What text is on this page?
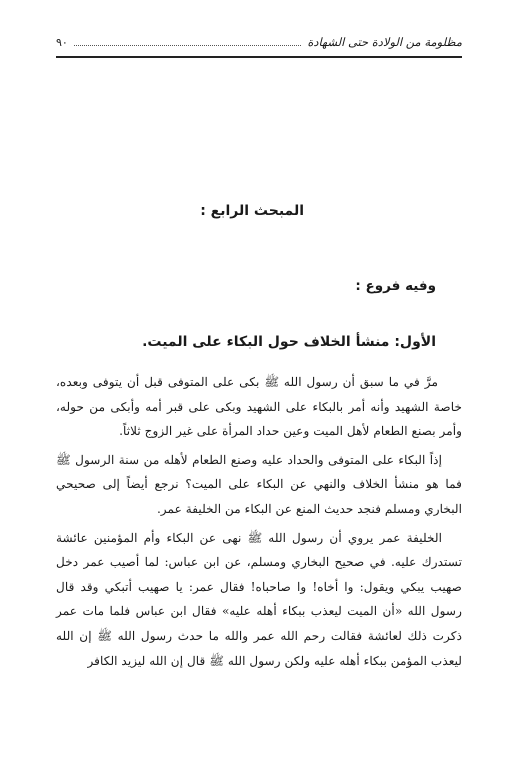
مظلومة من الولادة حتى الشهادة
٩٠
المبحث الرابع :
وفيه فروع :
الأول: منشأ الخلاف حول البكاء على الميت.

مرَّ في ما سبق أن رسول الله ﷺ بكى على المتوفى قبل أن يتوفى وبعده، خاصة الشهيد وأنه أمر بالبكاء على الشهيد وبكى على قبر أمه وأبكى من حوله، وأمر بصنع الطعام لأهل الميت وعين حداد المرأة على غير الزوج ثلاثاً.

إذاً البكاء على المتوفى والحداد عليه وصنع الطعام لأهله من سنة الرسول ﷺ فما هو منشأ الخلاف والنهي عن البكاء على الميت؟ نرجع أيضاً إلى صحيحي البخاري ومسلم فنجد حديث المنع عن البكاء من الخليفة عمر.

الخليفة عمر يروي أن رسول الله ﷺ نهى عن البكاء وأم المؤمنين عائشة تستدرك عليه. في صحيح البخاري ومسلم، عن ابن عباس: لما أصيب عمر دخل صهيب يبكي ويقول: وا أخاه! وا صاحباه! فقال عمر: يا صهيب أتبكي وقد قال رسول الله «أن الميت ليعذب ببكاء أهله عليه» فقال ابن عباس فلما مات عمر ذكرت ذلك لعائشة فقالت رحم الله عمر والله ما حدث رسول الله ﷺ إن الله ليعذب المؤمن ببكاء أهله عليه ولكن رسول الله ﷺ قال إن الله ليزيد الكافر
